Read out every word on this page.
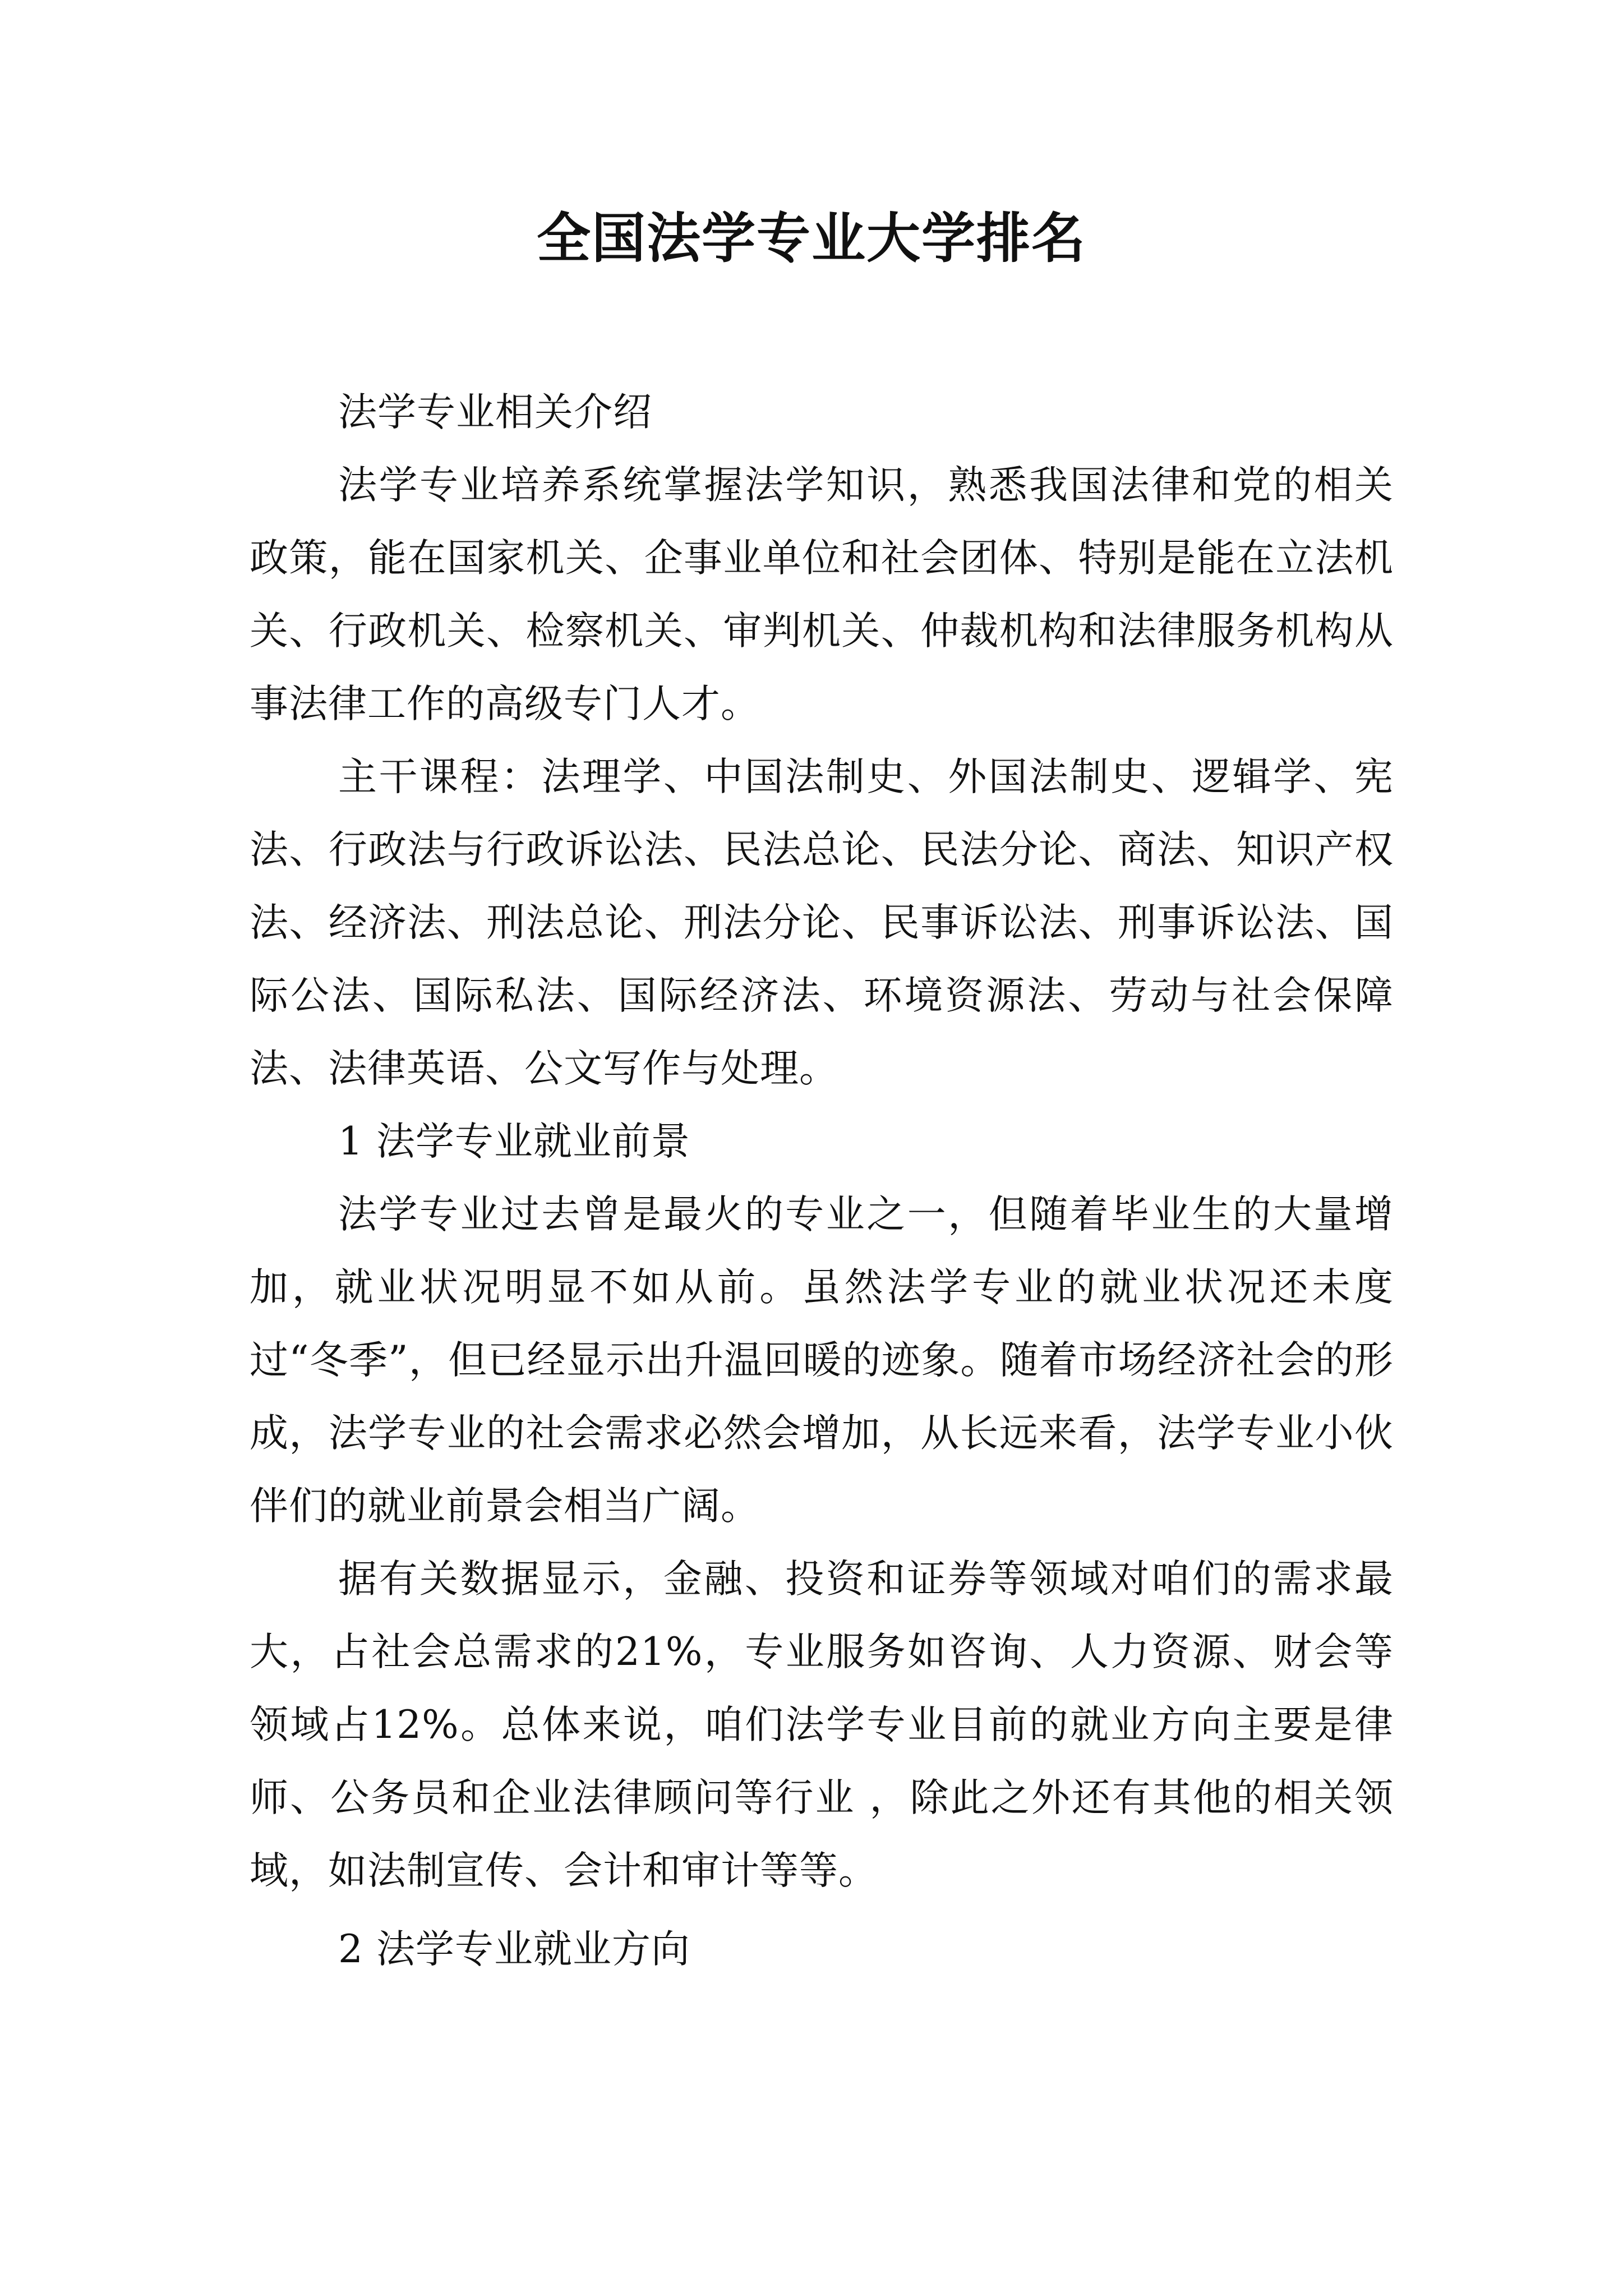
全国法学专业大学排名

法学专业相关介绍

法学专业培养系统掌握法学知识，熟悉我国法律和党的相关政策，能在国家机关、企事业单位和社会团体、特别是能在立法机关、行政机关、检察机关、审判机关、仲裁机构和法律服务机构从事法律工作的高级专门人才。

主干课程：法理学、中国法制史、外国法制史、逻辑学、宪法、行政法与行政诉讼法、民法总论、民法分论、商法、知识产权法、经济法、刑法总论、刑法分论、民事诉讼法、刑事诉讼法、国际公法、国际私法、国际经济法、环境资源法、劳动与社会保障法、法律英语、公文写作与处理。

1 法学专业就业前景

法学专业过去曾是最火的专业之一，但随着毕业生的大量增加，就业状况明显不如从前。虽然法学专业的就业状况还未度过“冬季”，但已经显示出升温回暖的迹象。随着市场经济社会的形成，法学专业的社会需求必然会增加，从长远来看，法学专业小伙伴们的就业前景会相当广阔。

据有关数据显示，金融、投资和证券等领域对咱们的需求最大，占社会总需求的21%，专业服务如咨询、人力资源、财会等领域占12%。总体来说，咱们法学专业目前的就业方向主要是律师、公务员和企业法律顾问等行业 ，除此之外还有其他的相关领域，如法制宣传、会计和审计等等。

2 法学专业就业方向
